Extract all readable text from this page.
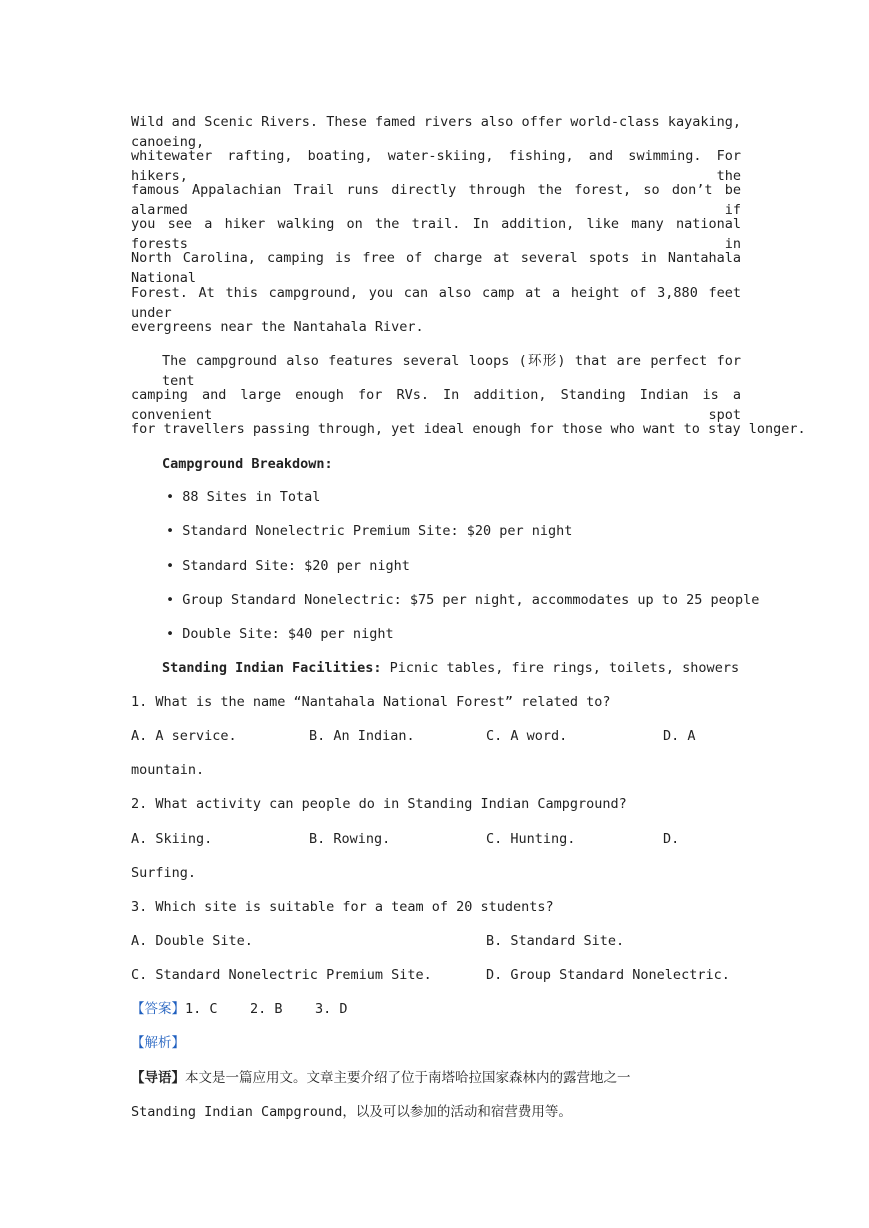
Wild and Scenic Rivers. These famed rivers also offer world-class kayaking, canoeing,
whitewater rafting, boating, water-skiing, fishing, and swimming. For hikers, the
famous Appalachian Trail runs directly through the forest, so don’t be alarmed if
you see a hiker walking on the trail. In addition, like many national forests in
North Carolina, camping is free of charge at several spots in Nantahala National
Forest. At this campground, you can also camp at a height of 3,880 feet under
evergreens near the Nantahala River.
The campground also features several loops (环形) that are perfect for tent
camping and large enough for RVs. In addition, Standing Indian is a convenient spot
for travellers passing through, yet ideal enough for those who want to stay longer.
Campground Breakdown:
• 88 Sites in Total
• Standard Nonelectric Premium Site: $20 per night
• Standard Site: $20 per night
• Group Standard Nonelectric: $75 per night, accommodates up to 25 people
• Double Site: $40 per night
Standing Indian Facilities: Picnic tables, fire rings, toilets, showers
1. What is the name “Nantahala National Forest” related to?
A. A service.	B. An Indian.	C. A word.	D. A
mountain.
2. What activity can people do in Standing Indian Campground?
A. Skiing.	B. Rowing.	C. Hunting.	D.
Surfing.
3. Which site is suitable for a team of 20 students?
A. Double Site.	B. Standard Site.
C. Standard Nonelectric Premium Site.	D. Group Standard Nonelectric.
【答案】1. C    2. B    3. D
【解析】
【导语】本文是一篇应用文。文章主要介绍了位于南塔哈拉国家森林内的露营地之一
Standing Indian Campground，以及可以参加的活动和宿营费用等。
